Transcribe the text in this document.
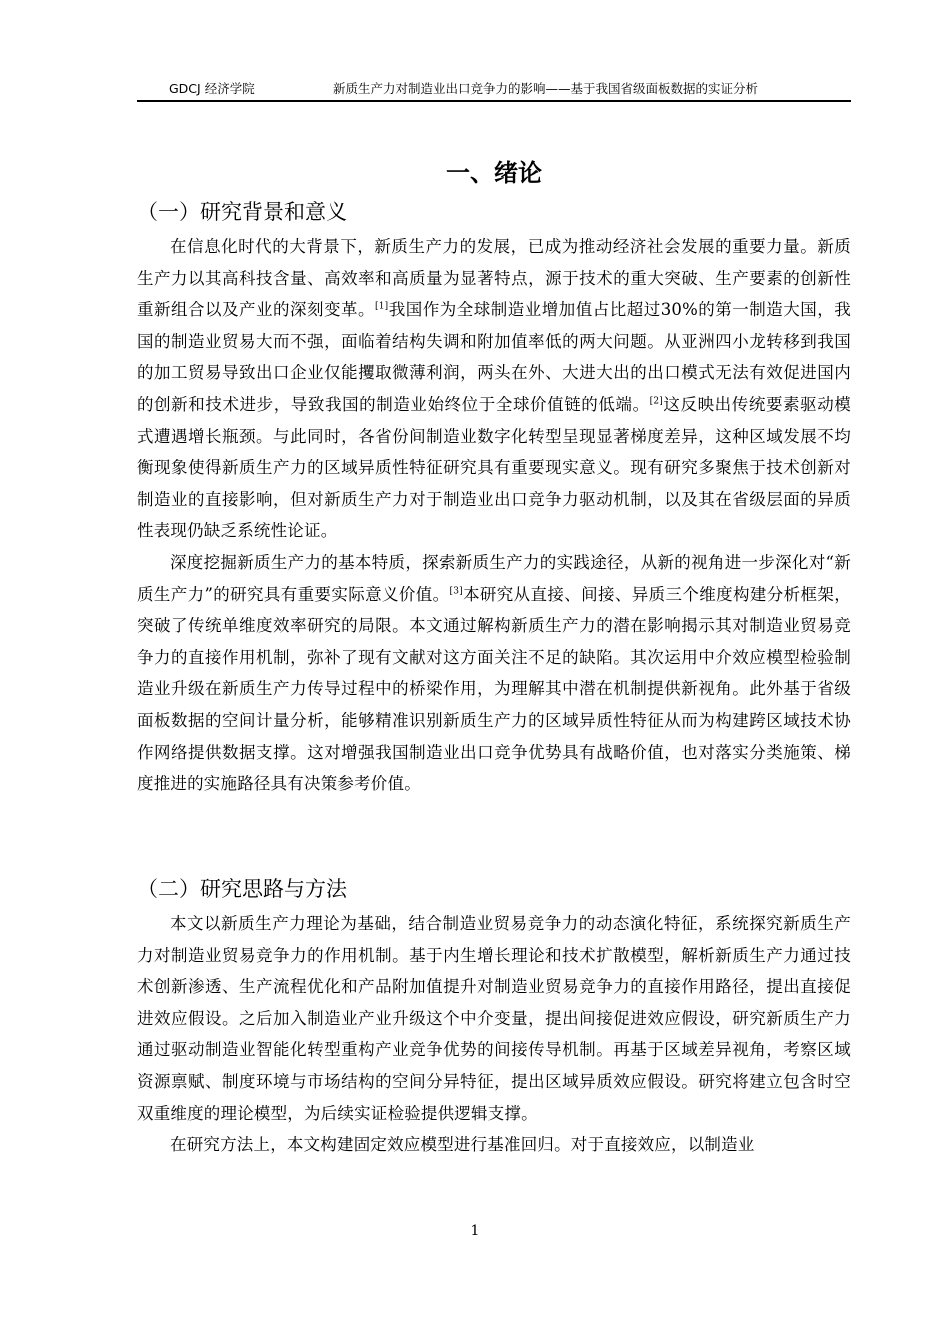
GDCJ 经济学院	新质生产力对制造业出口竞争力的影响——基于我国省级面板数据的实证分析
一、绪论
（一）研究背景和意义

在信息化时代的大背景下，新质生产力的发展，已成为推动经济社会发展的重要力量。新质生产力以其高科技含量、高效率和高质量为显著特点，源于技术的重大突破、生产要素的创新性重新组合以及产业的深刻变革。[1]我国作为全球制造业增加值占比超过30%的第一制造大国，我国的制造业贸易大而不强，面临着结构失调和附加值率低的两大问题。从亚洲四小龙转移到我国的加工贸易导致出口企业仅能攫取微薄利润，两头在外、大进大出的出口模式无法有效促进国内的创新和技术进步，导致我国的制造业始终位于全球价值链的低端。[2]这反映出传统要素驱动模式遭遇增长瓶颈。与此同时，各省份间制造业数字化转型呈现显著梯度差异，这种区域发展不均衡现象使得新质生产力的区域异质性特征研究具有重要现实意义。现有研究多聚焦于技术创新对制造业的直接影响，但对新质生产力对于制造业出口竞争力驱动机制，以及其在省级层面的异质性表现仍缺乏系统性论证。

深度挖掘新质生产力的基本特质，探索新质生产力的实践途径，从新的视角进一步深化对“新质生产力”的研究具有重要实际意义价值。[3]本研究从直接、间接、异质三个维度构建分析框架，突破了传统单维度效率研究的局限。本文通过解构新质生产力的潜在影响揭示其对制造业贸易竞争力的直接作用机制，弥补了现有文献对这方面关注不足的缺陷。其次运用中介效应模型检验制造业升级在新质生产力传导过程中的桥梁作用，为理解其中潜在机制提供新视角。此外基于省级面板数据的空间计量分析，能够精准识别新质生产力的区域异质性特征从而为构建跨区域技术协作网络提供数据支撑。这对增强我国制造业出口竞争优势具有战略价值，也对落实分类施策、梯度推进的实施路径具有决策参考价值。

（二）研究思路与方法

本文以新质生产力理论为基础，结合制造业贸易竞争力的动态演化特征，系统探究新质生产力对制造业贸易竞争力的作用机制。基于内生增长理论和技术扩散模型，解析新质生产力通过技术创新渗透、生产流程优化和产品附加值提升对制造业贸易竞争力的直接作用路径，提出直接促进效应假设。之后加入制造业产业升级这个中介变量，提出间接促进效应假设，研究新质生产力通过驱动制造业智能化转型重构产业竞争优势的间接传导机制。再基于区域差异视角，考察区域资源禀赋、制度环境与市场结构的空间分异特征，提出区域异质效应假设。研究将建立包含时空双重维度的理论模型，为后续实证检验提供逻辑支撑。

在研究方法上，本文构建固定效应模型进行基准回归。对于直接效应，以制造业

1
